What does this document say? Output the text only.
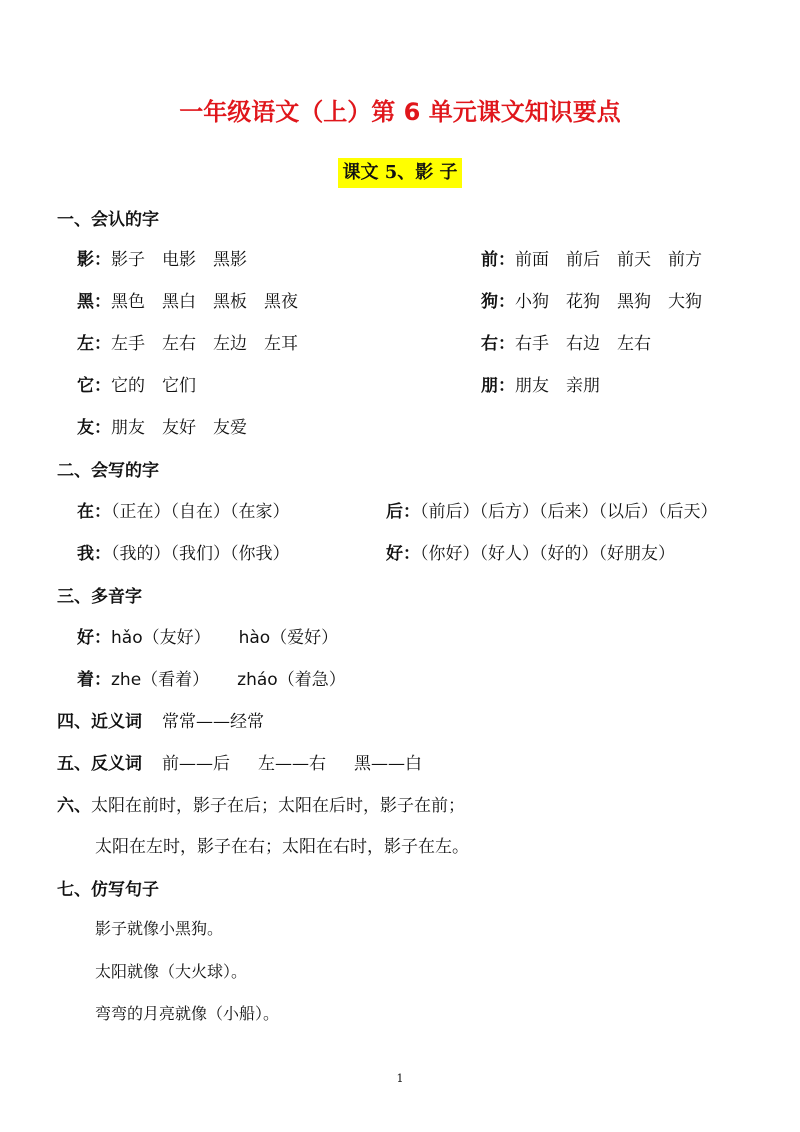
一年级语文（上）第 6 单元课文知识要点
课文 5、影 子
一、会认的字
影：影子　电影　黑影
黑：黑色　黑白　黑板　黑夜
左：左手　左右　左边　左耳
它：它的　它们
友：朋友　友好　友爱
前：前面　前后　前天　前方
狗：小狗　花狗　黑狗　大狗
右：右手　右边　左右
朋：朋友　亲朋
二、会写的字
在：（正在）（自在）（在家）
我：（我的）（我们）（你我）
后：（前后）（后方）（后来）（以后）（后天）
好：（你好）（好人）（好的）（好朋友）
三、多音字
好：hǎo（友好） hào（爱好）
着：zhe（看着） zháo（着急）
四、近义词 常常——经常
五、反义词 前——后 左——右 黑——白
六、太阳在前时，影子在后；太阳在后时，影子在前；
太阳在左时，影子在右；太阳在右时，影子在左。
七、仿写句子
影子就像小黑狗。
太阳就像（大火球）。
弯弯的月亮就像（小船）。
1
